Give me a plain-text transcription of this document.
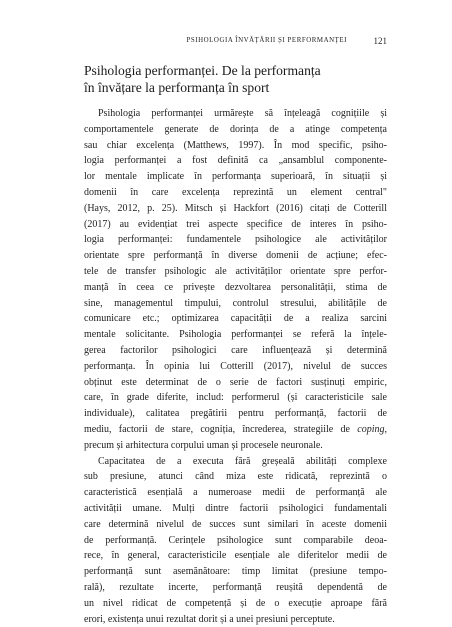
PSIHOLOGIA ÎNVĂȚĂRII ȘI PERFORMANȚEI	121
Psihologia performanței. De la performanța
în învățare la performanța în sport
Psihologia performanței urmărește să înțeleagă cognițiile și
comportamentele generate de dorința de a atinge competența
sau chiar excelența (Matthews, 1997). În mod specific, psiho-
logia performanței a fost definită ca „ansamblul componente-
lor mentale implicate în performanța superioară, în situații și
domenii în care excelența reprezintă un element central"
(Hays, 2012, p. 25). Mitsch și Hackfort (2016) citați de Cotterill
(2017) au evidențiat trei aspecte specifice de interes în psiho-
logia performanței: fundamentele psihologice ale activităților
orientate spre performanță în diverse domenii de acțiune; efec-
tele de transfer psihologic ale activităților orientate spre perfor-
manță în ceea ce privește dezvoltarea personalității, stima de
sine, managementul timpului, controlul stresului, abilitățile de
comunicare etc.; optimizarea capacității de a realiza sarcini
mentale solicitante. Psihologia performanței se referă la înțele-
gerea factorilor psihologici care influențează și determină
performanța. În opinia lui Cotterill (2017), nivelul de succes
obținut este determinat de o serie de factori susținuți empiric,
care, în grade diferite, includ: performerul (și caracteristicile sale
individuale), calitatea pregătirii pentru performanță, factorii de
mediu, factorii de stare, cogniția, încrederea, strategiile de coping,
precum și arhitectura corpului uman și procesele neuronale.
Capacitatea de a executa fără greșeală abilități complexe
sub presiune, atunci când miza este ridicată, reprezintă o
caracteristică esențială a numeroase medii de performanță ale
activității umane. Mulți dintre factorii psihologici fundamentali
care determină nivelul de succes sunt similari în aceste domenii
de performanță. Cerințele psihologice sunt comparabile deoa-
rece, în general, caracteristicile esențiale ale diferitelor medii de
performanță sunt asemănătoare: timp limitat (presiune tempo-
rală), rezultate incerte, performanță reușită dependentă de
un nivel ridicat de competență și de o execuție aproape fără
erori, existența unui rezultat dorit și a unei presiuni perceptute.
